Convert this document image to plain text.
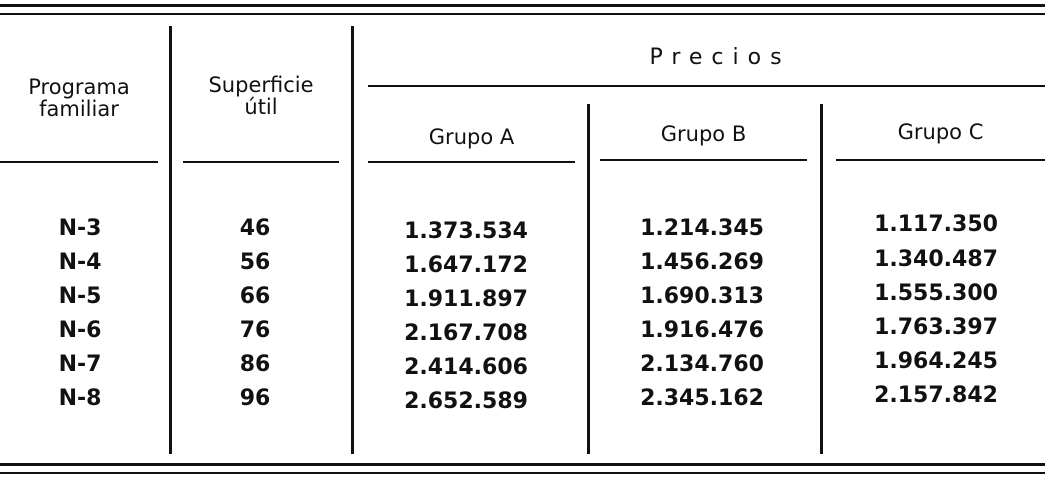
Programa
familiar
Superficie
útil
Precios
Grupo A	Grupo B	Grupo C
N-3	46	1.373.534	1.214.345	1.117.350
N-4	56	1.647.172	1.456.269	1.340.487
N-5	66	1.911.897	1.690.313	1.555.300
N-6	76	2.167.708	1.916.476	1.763.397
N-7	86	2.414.606	2.134.760	1.964.245
N-8	96	2.652.589	2.345.162	2.157.842
